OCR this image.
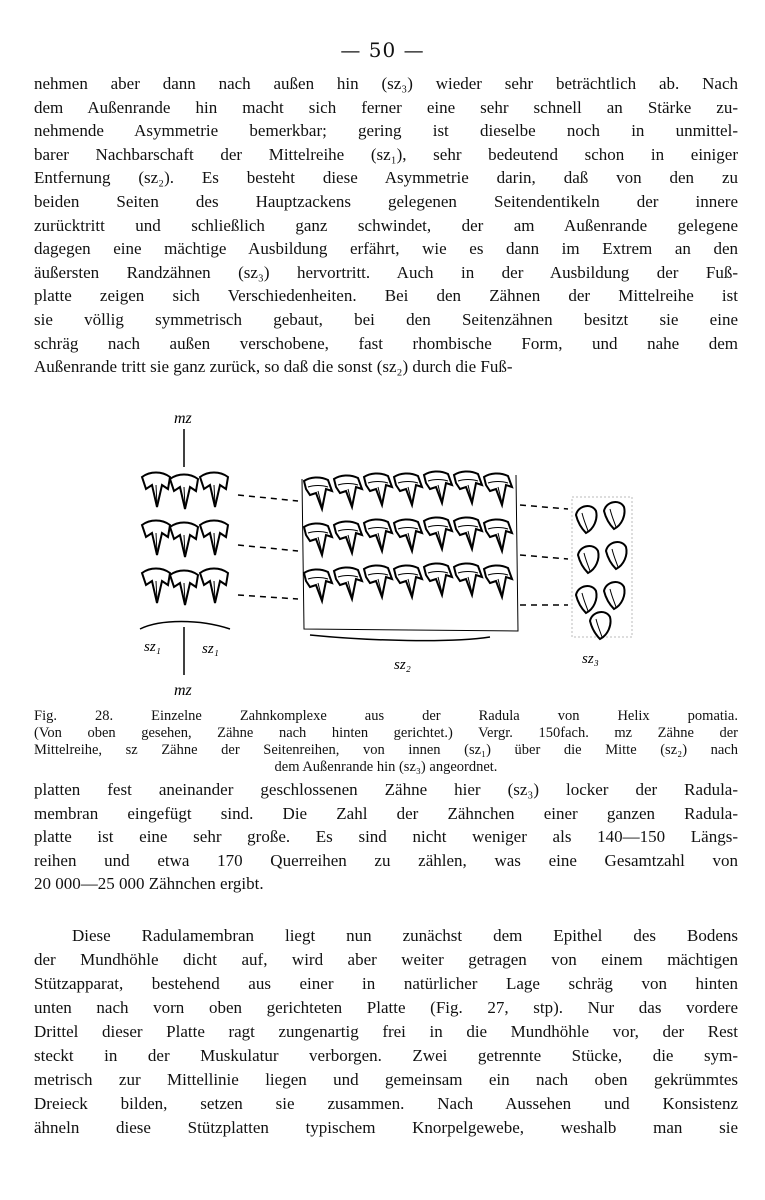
— 50 —
nehmen aber dann nach außen hin (sz₃) wieder sehr beträchtlich ab. Nach
dem Außenrande hin macht sich ferner eine sehr schnell an Stärke zu-
nehmende Asymmetrie bemerkbar; gering ist dieselbe noch in unmittel-
barer Nachbarschaft der Mittelreihe (sz₁), sehr bedeutend schon in einiger
Entfernung (sz₂). Es besteht diese Asymmetrie darin, daß von den zu
beiden Seiten des Hauptzackens gelegenen Seitendentikeln der innere
zurücktritt und schließlich ganz schwindet, der am Außenrande gelegene
dagegen eine mächtige Ausbildung erfährt, wie es dann im Extrem an den
äußersten Randzähnen (sz₃) hervortritt. Auch in der Ausbildung der Fuß-
platte zeigen sich Verschiedenheiten. Bei den Zähnen der Mittelreihe ist
sie völlig symmetrisch gebaut, bei den Seitenzähnen besitzt sie eine
schräg nach außen verschobene, fast rhombische Form, und nahe dem
Außenrande tritt sie ganz zurück, so daß die sonst (sz₂) durch die Fuß-
mz
sz₁	sz₁
sz₂	sz₃
mz
Fig. 28. Einzelne Zahnkomplexe aus der Radula von Helix pomatia.
(Von oben gesehen, Zähne nach hinten gerichtet.) Vergr. 150fach. mz Zähne der
Mittelreihe, sz Zähne der Seitenreihen, von innen (sz₁) über die Mitte (sz₂) nach
dem Außenrande hin (sz₃) angeordnet.
platten fest aneinander geschlossenen Zähne hier (sz₃) locker der Radula-
membran eingefügt sind. Die Zahl der Zähnchen einer ganzen Radula-
platte ist eine sehr große. Es sind nicht weniger als 140—150 Längs-
reihen und etwa 170 Querreihen zu zählen, was eine Gesamtzahl von
20 000—25 000 Zähnchen ergibt.
Diese Radulamembran liegt nun zunächst dem Epithel des Bodens
der Mundhöhle dicht auf, wird aber weiter getragen von einem mächtigen
Stützapparat, bestehend aus einer in natürlicher Lage schräg von hinten
unten nach vorn oben gerichteten Platte (Fig. 27, stp). Nur das vordere
Drittel dieser Platte ragt zungenartig frei in die Mundhöhle vor, der Rest
steckt in der Muskulatur verborgen. Zwei getrennte Stücke, die sym-
metrisch zur Mittellinie liegen und gemeinsam ein nach oben gekrümmtes
Dreieck bilden, setzen sie zusammen. Nach Aussehen und Konsistenz
ähneln diese Stützplatten typischem Knorpelgewebe, weshalb man sie
